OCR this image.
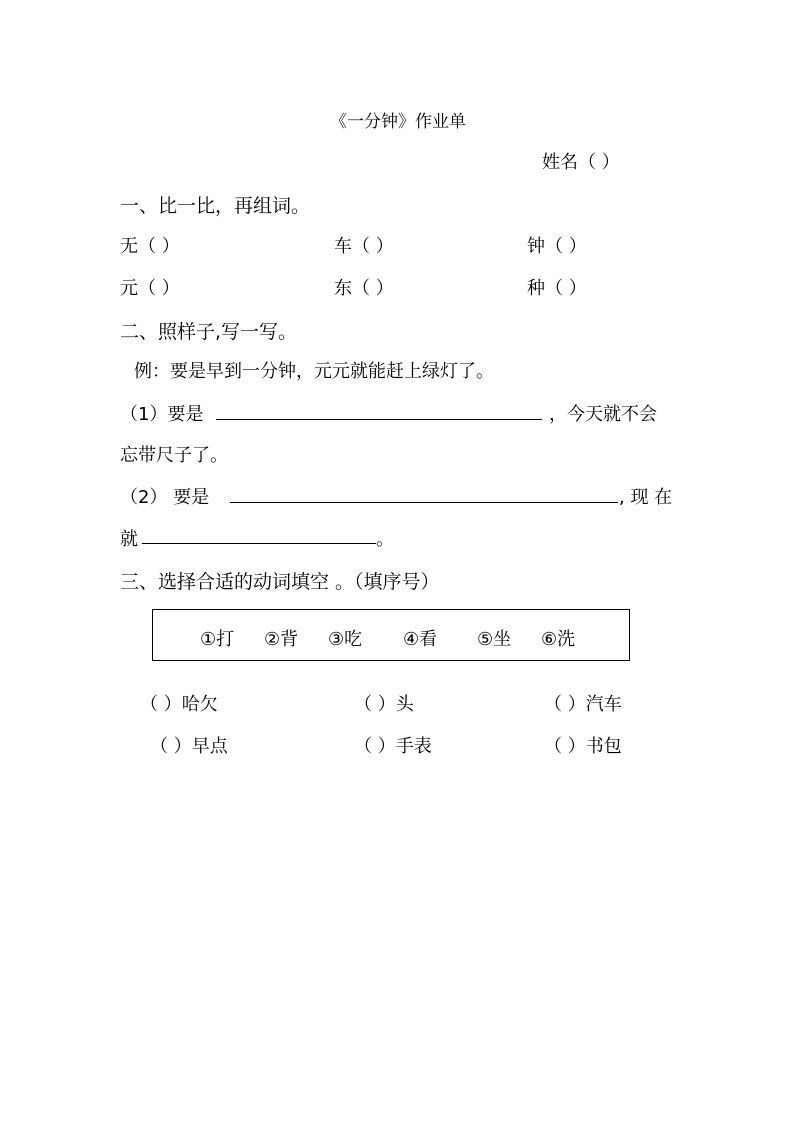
《一分钟》作业单
姓名（ ）
一、比一比，再组词。
无（ ）	车（ ）	钟（ ）
元（ ）	东（ ）	种（ ）
二、照样子,写一写。
例：要是早到一分钟，元元就能赶上绿灯了。
（1）要是	，今天就不会
忘带尺子了。
（2） 要是	, 现 在
就	。
三、选择合适的动词填空 。（填序号）
①打 ②背 ③吃 ④看 ⑤坐 ⑥洗
（ ）哈欠	（ ）头	（ ）汽车
（ ）早点	（ ）手表	（ ）书包
